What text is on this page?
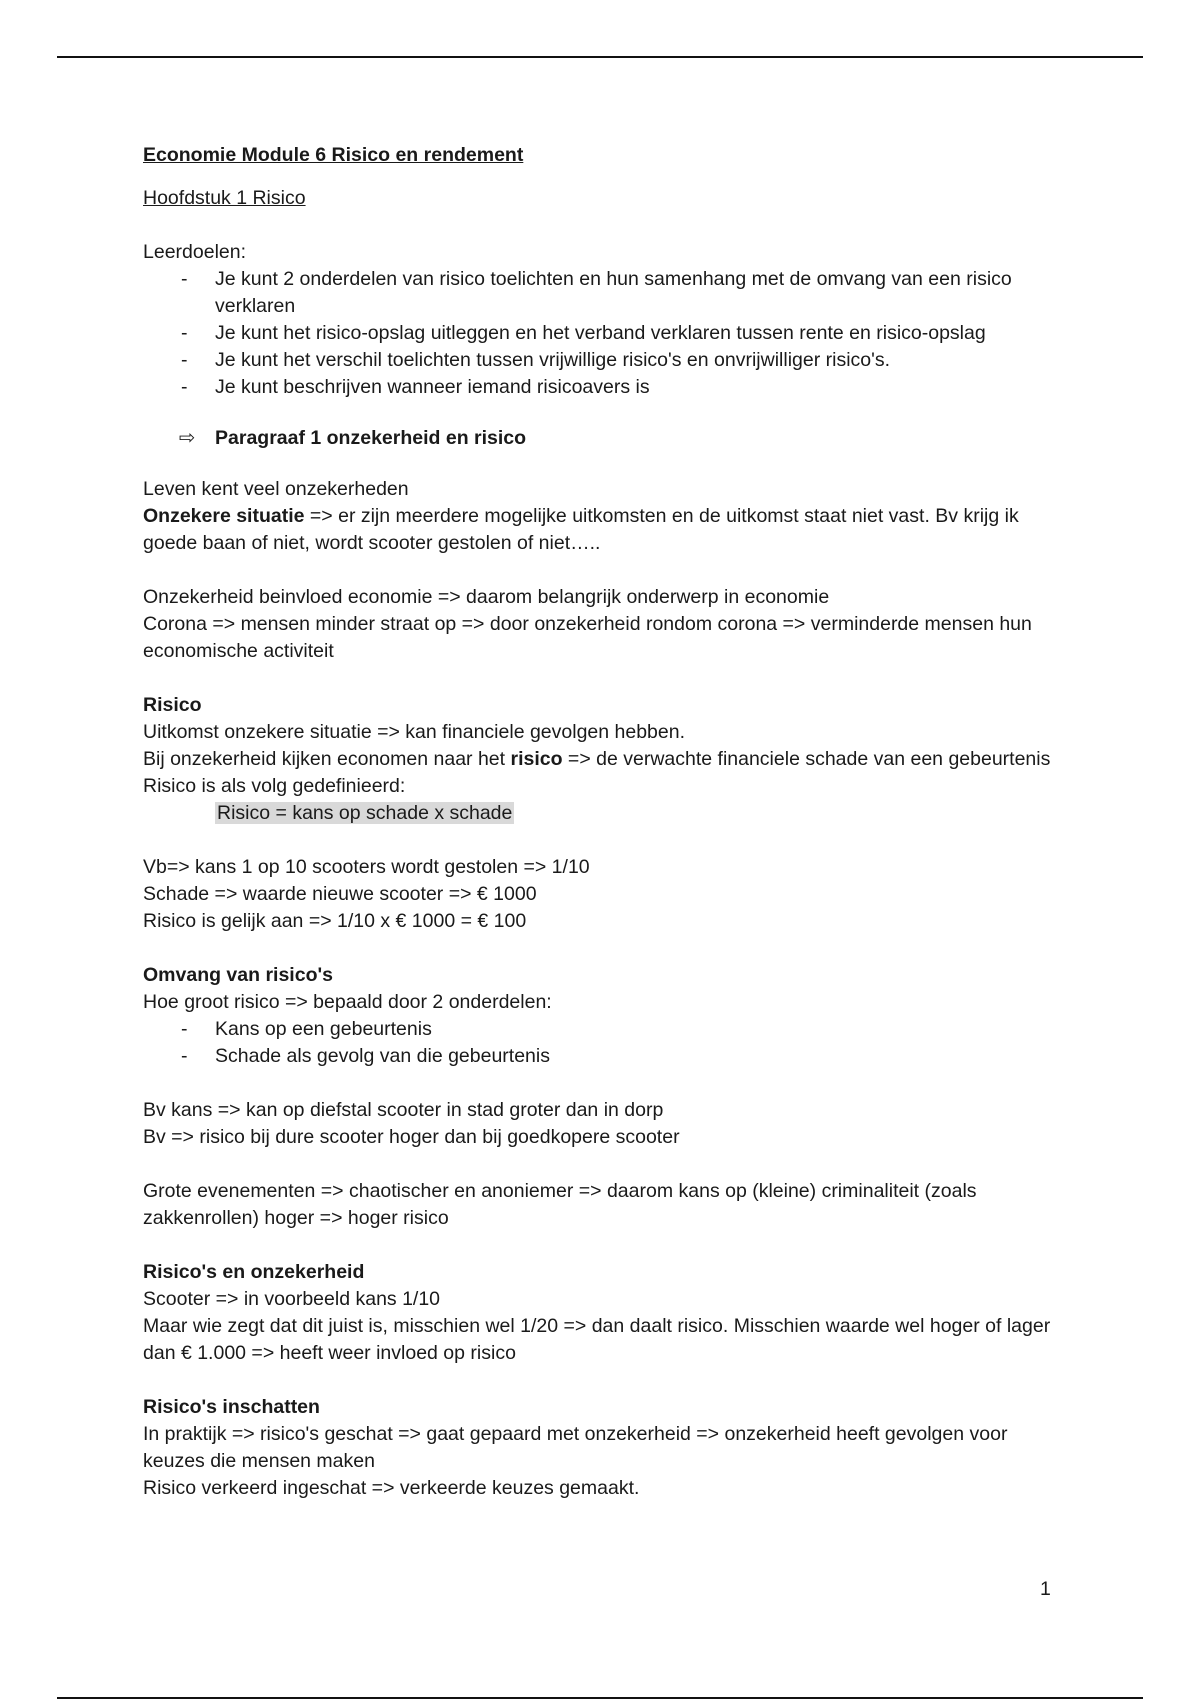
Economie Module 6 Risico en rendement

Hoofdstuk 1 Risico

Leerdoelen:

- Je kunt 2 onderdelen van risico toelichten en hun samenhang met de omvang van een risico verklaren
- Je kunt het risico-opslag uitleggen en het verband verklaren tussen rente en risico-opslag
- Je kunt het verschil toelichten tussen vrijwillige risico's en onvrijwilliger risico's.
- Je kunt beschrijven wanneer iemand risicoavers is

⇨ Paragraaf 1 onzekerheid en risico

Leven kent veel onzekerheden

Onzekere situatie => er zijn meerdere mogelijke uitkomsten en de uitkomst staat niet vast. Bv krijg ik goede baan of niet, wordt scooter gestolen of niet…..

Onzekerheid beinvloed economie => daarom belangrijk onderwerp in economie

Corona => mensen minder straat op => door onzekerheid rondom corona => verminderde mensen hun economische activiteit

Risico

Uitkomst onzekere situatie => kan financiele gevolgen hebben.

Bij onzekerheid kijken economen naar het risico => de verwachte financiele schade van een gebeurtenis

Risico is als volg gedefinieerd:

Risico = kans op schade x schade

Vb=> kans 1 op 10 scooters wordt gestolen => 1/10

Schade => waarde nieuwe scooter => € 1000

Risico is gelijk aan => 1/10 x € 1000 = € 100

Omvang van risico's

Hoe groot risico => bepaald door 2 onderdelen:

- Kans op een gebeurtenis
- Schade als gevolg van die gebeurtenis

Bv kans => kan op diefstal scooter in stad groter dan in dorp

Bv => risico bij dure scooter hoger dan bij goedkopere scooter

Grote evenementen => chaotischer en anoniemer => daarom kans op (kleine) criminaliteit (zoals zakkenrollen) hoger => hoger risico

Risico's en onzekerheid

Scooter => in voorbeeld kans 1/10

Maar wie zegt dat dit juist is, misschien wel 1/20 => dan daalt risico. Misschien waarde wel hoger of lager dan € 1.000 => heeft weer invloed op risico

Risico's inschatten

In praktijk => risico's geschat => gaat gepaard met onzekerheid => onzekerheid heeft gevolgen voor keuzes die mensen maken

Risico verkeerd ingeschat => verkeerde keuzes gemaakt.

1
